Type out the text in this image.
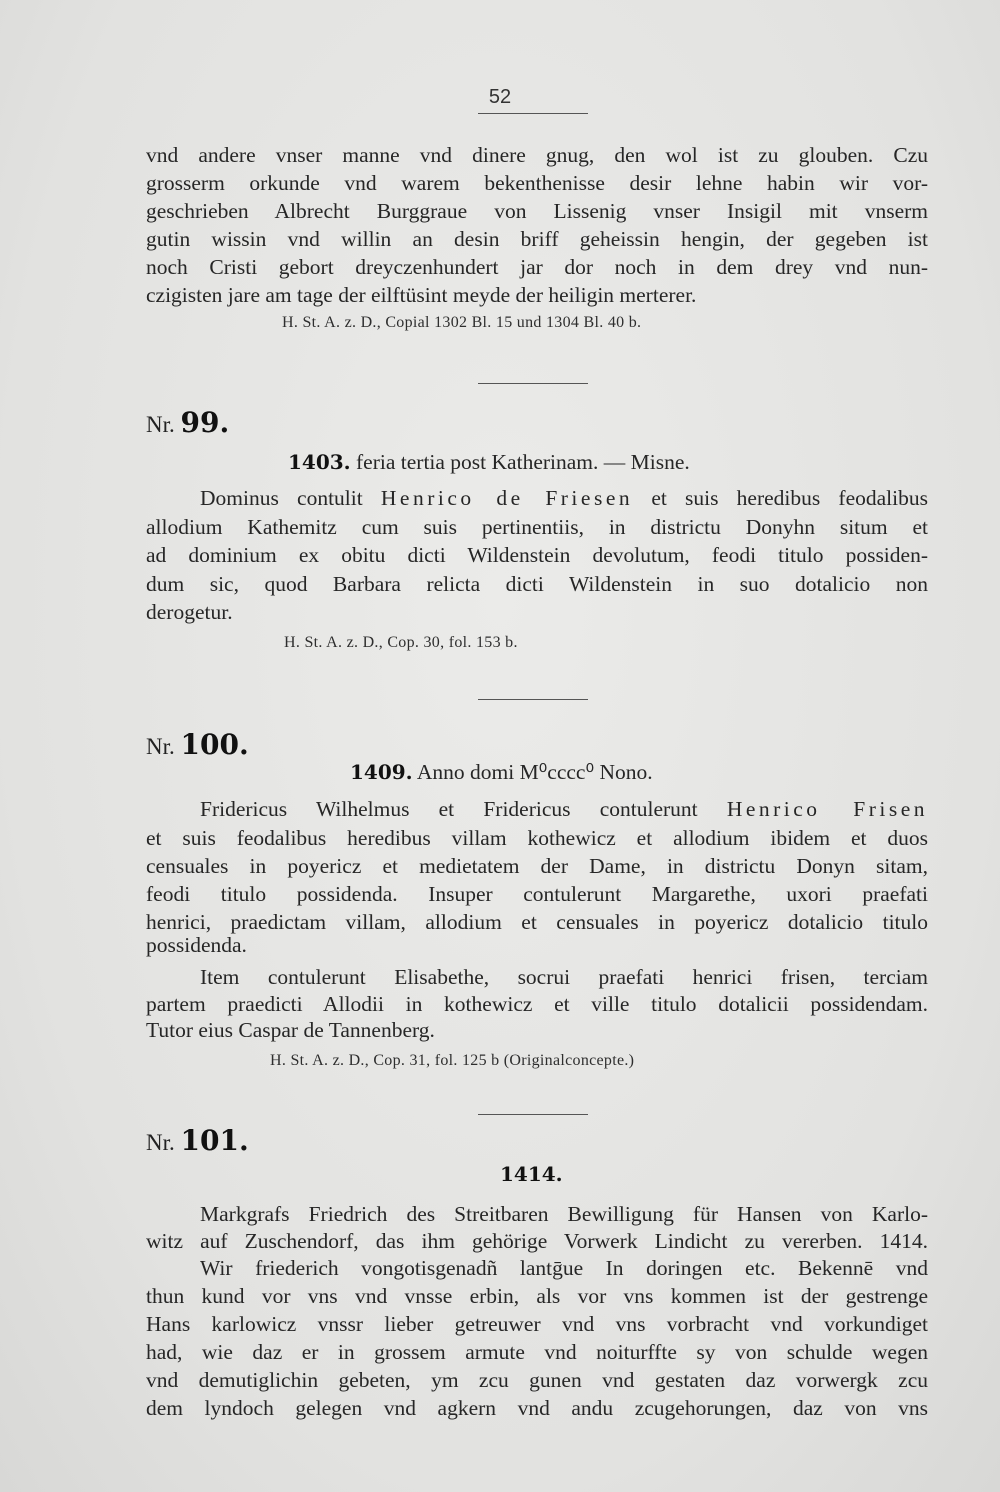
52
vnd andere vnser manne vnd dinere gnug, den wol ist zu glouben. Czu
grosserm orkunde vnd warem bekenthenisse desir lehne habin wir vor-
geschrieben Albrecht Burggraue von Lissenig vnser Insigil mit vnserm
gutin wissin vnd willin an desin briff geheissin hengin, der gegeben ist
noch Cristi gebort dreyczenhundert jar dor noch in dem drey vnd nun-
czigisten jare am tage der eilftüsint meyde der heiligin merterer.
H. St. A. z. D., Copial 1302 Bl. 15 und 1304 Bl. 40 b.
Nr. 99.
1403. feria tertia post Katherinam. — Misne.
Dominus contulit Henrico de Friesen et suis heredibus feodalibus
allodium Kathemitz cum suis pertinentiis, in districtu Donyhn situm et
ad dominium ex obitu dicti Wildenstein devolutum, feodi titulo possiden-
dum sic, quod Barbara relicta dicti Wildenstein in suo dotalicio non
derogetur.
H. St. A. z. D., Cop. 30, fol. 153 b.
Nr. 100.
1409. Anno domi M⁰cccc⁰ Nono.
Fridericus Wilhelmus et Fridericus contulerunt Henrico Frisen
et suis feodalibus heredibus villam kothewicz et allodium ibidem et duos
censuales in poyericz et medietatem der Dame, in districtu Donyn sitam,
feodi titulo possidenda. Insuper contulerunt Margarethe, uxori praefati
henrici, praedictam villam, allodium et censuales in poyericz dotalicio titulo
possidenda.
Item contulerunt Elisabethe, socrui praefati henrici frisen, terciam
partem praedicti Allodii in kothewicz et ville titulo dotalicii possidendam.
Tutor eius Caspar de Tannenberg.
H. St. A. z. D., Cop. 31, fol. 125 b (Originalconcepte.)
Nr. 101.
1414.
Markgrafs Friedrich des Streitbaren Bewilligung für Hansen von Karlo-
witz auf Zuschendorf, das ihm gehörige Vorwerk Lindicht zu vererben. 1414.
Wir friederich vongotisgenadñ lantḡue In doringen etc. Bekennē vnd
thun kund vor vns vnd vnsse erbin, als vor vns kommen ist der gestrenge
Hans karlowicz vnssr lieber getreuwer vnd vns vorbracht vnd vorkundiget
had, wie daz er in grossem armute vnd noiturffte sy von schulde wegen
vnd demutiglichin gebeten, ym zcu gunen vnd gestaten daz vorwergk zcu
dem lyndoch gelegen vnd agkern vnd andu zcugehorungen, daz von vns
